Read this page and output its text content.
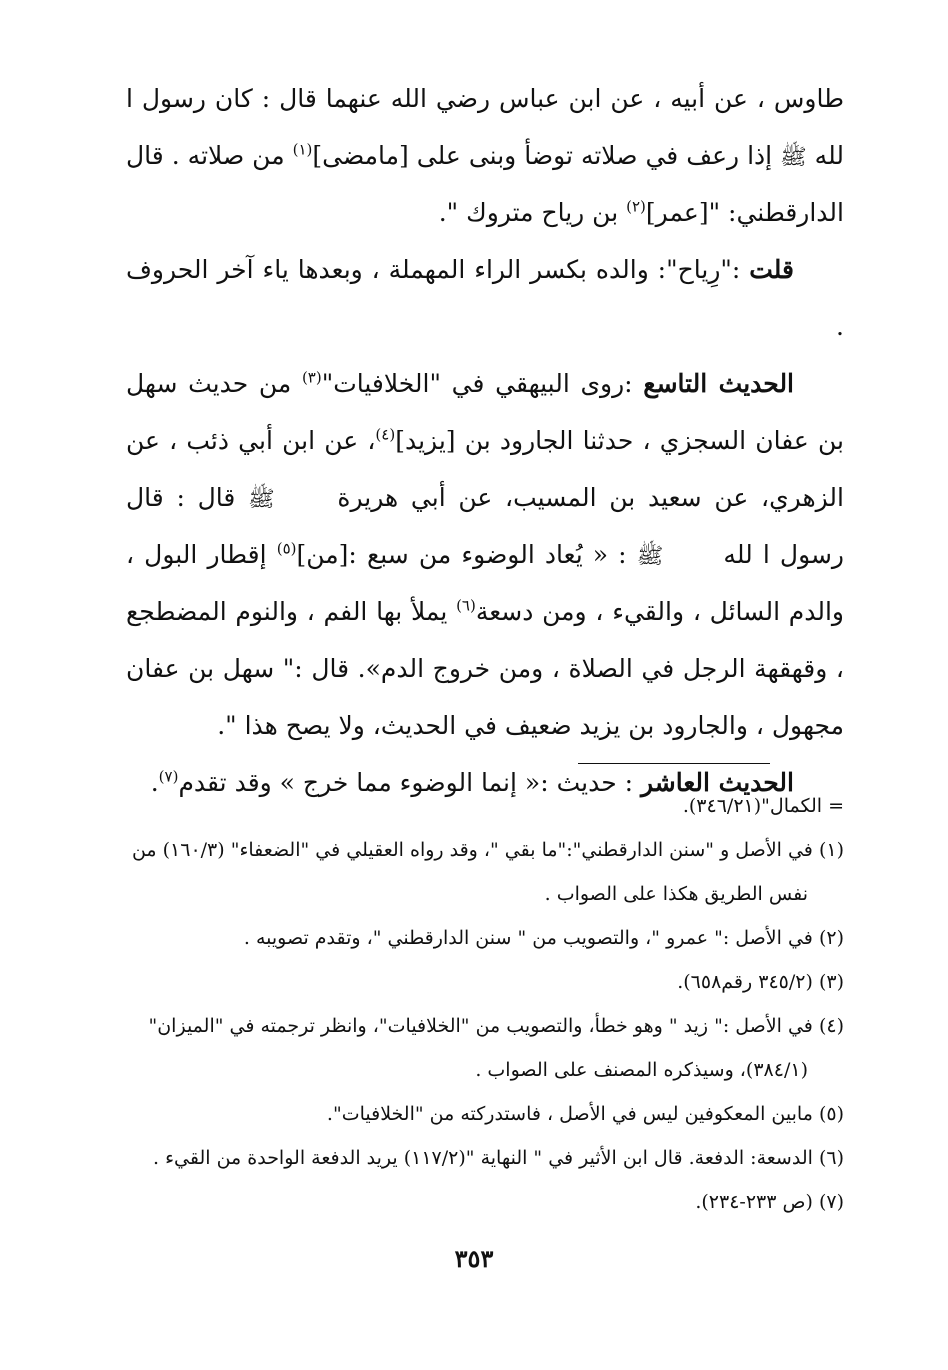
طاوس ، عن أبيه ، عن ابن عباس رضي الله عنهما قال : كان رسول ا لله ﷺ إذا رعف في صلاته توضأ وبنى على [مامضى]$^{(١)}$ من صلاته . قال الدارقطني: "[عمر]$^{(٢)}$ بن رياح متروك ".

قلت :"رِياح": والده بكسر الراء المهملة ، وبعدها ياء آخر الحروف .

الحديث التاسع :روى البيهقي في "الخلافيات"$^{(٣)}$ من حديث سهل بن عفان السجزي ، حدثنا الجارود بن [يزيد]$^{(٤)}$، عن ابن أبي ذئب ، عن الزهري، عن سعيد بن المسيب، عن أبي هريرة ﷺ قال : قال رسول ا لله ﷺ : « يُعاد الوضوء من سبع :[من]$^{(٥)}$ إقطار البول ، والدم السائل ، والقيء ، ومن دسعة$^{(٦)}$ يملأ بها الفم ، والنوم المضطجع ، وقهقهة الرجل في الصلاة ، ومن خروج الدم». قال :" سهل بن عفان مجهول ، والجارود بن يزيد ضعيف في الحديث، ولا يصح هذا ".

الحديث العاشر : حديث :« إنما الوضوء مما خرج » وقد تقدم$^{(٧)}$.

= الكمال"(٣٤٦/٢١).

(١) في الأصل و "سنن الدارقطني":"ما بقي "، وقد رواه العقيلي في "الضعفاء" (١٦٠/٣) من
نفس الطريق هكذا على الصواب .

(٢) في الأصل :" عمرو "، والتصويب من " سنن الدارقطني "، وتقدم تصويبه .

(٣) (٣٤٥/٢ رقم٦٥٨).

(٤) في الأصل :" زيد " وهو خطأ، والتصويب من "الخلافيات"، وانظر ترجمته في "الميزان"
(٣٨٤/١)، وسيذكره المصنف على الصواب .

(٥) مابين المعكوفين ليس في الأصل ، فاستدركته من "الخلافيات".

(٦) الدسعة: الدفعة. قال ابن الأثير في " النهاية "(١١٧/٢) يريد الدفعة الواحدة من القيء .

(٧) (ص ٢٣٣-٢٣٤).

٣٥٣
